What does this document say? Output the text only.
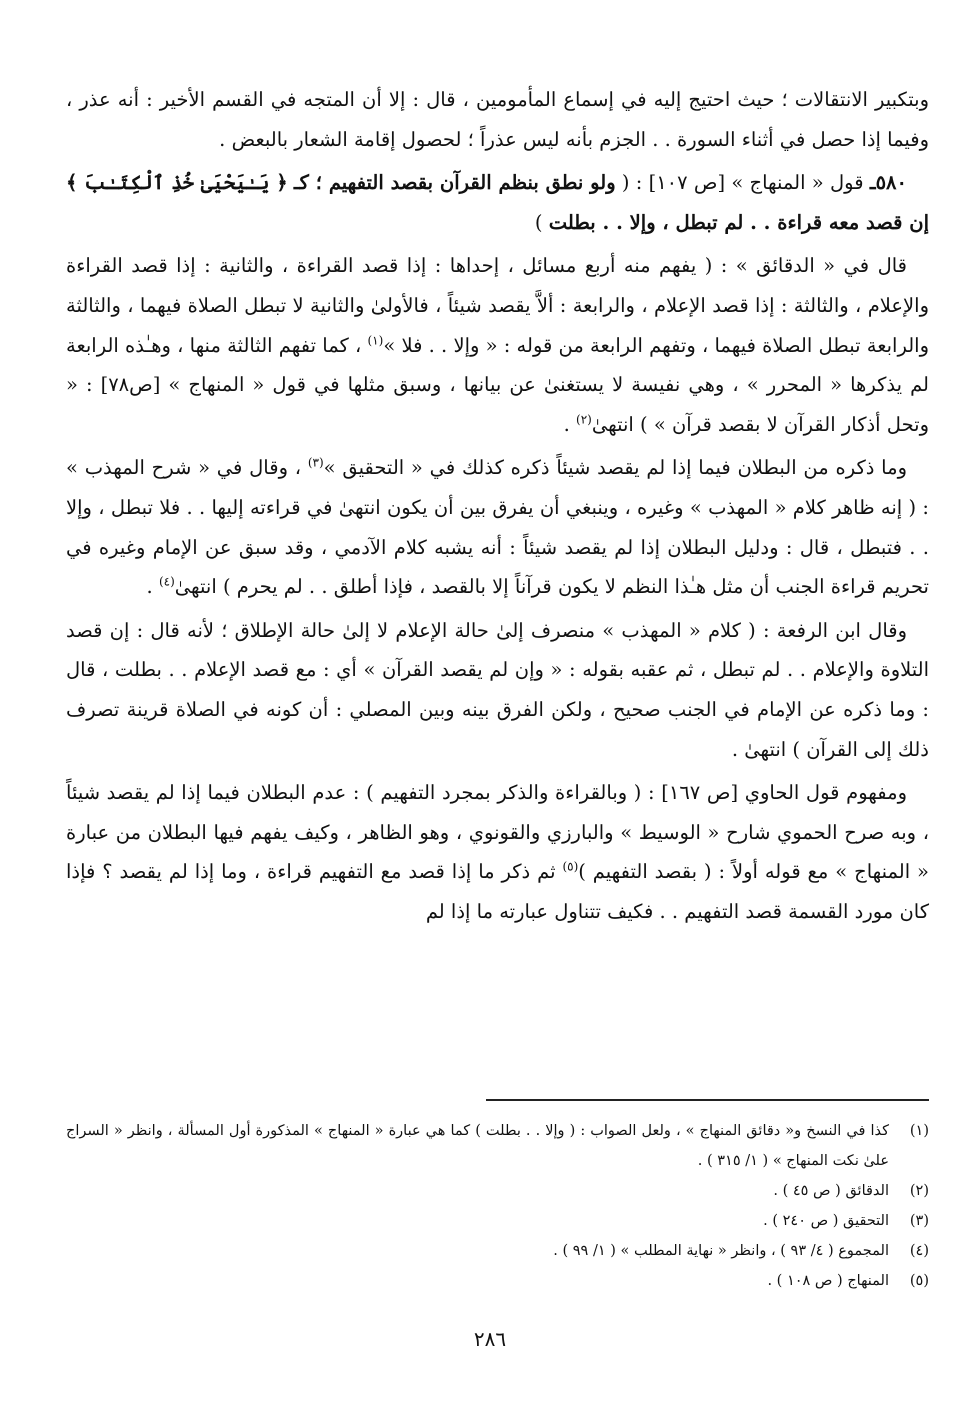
وبتكبير الانتقالات ؛ حيث احتيج إليه في إسماع المأمومين ، قال : إلا أن المتجه في القسم الأخير : أنه عذر ، وفيما إذا حصل في أثناء السورة . . الجزم بأنه ليس عذراً ؛ لحصول إقامة الشعار بالبعض .

٥٨٠ـ قول « المنهاج » [ص ١٠٧] : ( ولو نطق بنظم القرآن بقصد التفهيم ؛ كـ ﴿ يَـٰيَحْيَىٰ خُذِ ٱلْكِتَـٰبَ ﴾ إن قصد معه قراءة . . لم تبطل ، وإلا . . بطلت )

قال في « الدقائق » : ( يفهم منه أربع مسائل ، إحداها : إذا قصد القراءة ، والثانية : إذا قصد القراءة والإعلام ، والثالثة : إذا قصد الإعلام ، والرابعة : ألاَّ يقصد شيئاً ، فالأولىٰ والثانية لا تبطل الصلاة فيهما ، والثالثة والرابعة تبطل الصلاة فيهما ، وتفهم الرابعة من قوله : « وإلا . . فلا »$^{(١)}$ ، كما تفهم الثالثة منها ، وهـٰذه الرابعة لم يذكرها « المحرر » ، وهي نفيسة لا يستغنىٰ عن بيانها ، وسبق مثلها في قول « المنهاج » [ص٧٨] : « وتحل أذكار القرآن لا بقصد قرآن » ) انتهىٰ$^{(٢)}$ .

وما ذكره من البطلان فيما إذا لم يقصد شيئاً ذكره كذلك في « التحقيق »$^{(٣)}$ ، وقال في « شرح المهذب » : ( إنه ظاهر كلام « المهذب » وغيره ، وينبغي أن يفرق بين أن يكون انتهىٰ في قراءته إليها . . فلا تبطل ، وإلا . . فتبطل ، قال : ودليل البطلان إذا لم يقصد شيئاً : أنه يشبه كلام الآدمي ، وقد سبق عن الإمام وغيره في تحريم قراءة الجنب أن مثل هـٰذا النظم لا يكون قرآناً إلا بالقصد ، فإذا أطلق . . لم يحرم ) انتهىٰ$^{(٤)}$ .

وقال ابن الرفعة : ( كلام « المهذب » منصرف إلىٰ حالة الإعلام لا إلىٰ حالة الإطلاق ؛ لأنه قال : إن قصد التلاوة والإعلام . . لم تبطل ، ثم عقبه بقوله : « وإن لم يقصد القرآن » أي : مع قصد الإعلام . . بطلت ، قال : وما ذكره عن الإمام في الجنب صحيح ، ولكن الفرق بينه وبين المصلي : أن كونه في الصلاة قرينة تصرف ذلك إلى القرآن ) انتهىٰ .

ومفهوم قول الحاوي [ص ١٦٧] : ( وبالقراءة والذكر بمجرد التفهيم ) : عدم البطلان فيما إذا لم يقصد شيئاً ، وبه صرح الحموي شارح « الوسيط » والبارزي والقونوي ، وهو الظاهر ، وكيف يفهم فيها البطلان من عبارة « المنهاج » مع قوله أولاً : ( بقصد التفهيم )$^{(٥)}$ ثم ذكر ما إذا قصد مع التفهيم قراءة ، وما إذا لم يقصد ؟ فإذا كان مورد القسمة قصد التفهيم . . فكيف تتناول عبارته ما إذا لم

(١)
كذا في النسخ و« دقائق المنهاج » ، ولعل الصواب : ( وإلا . . بطلت ) كما هي عبارة « المنهاج » المذكورة أول المسألة ، وانظر « السراج علىٰ نكت المنهاج » ( ١/ ٣١٥ ) .
(٢)
الدقائق ( ص ٤٥ ) .
(٣)
التحقيق ( ص ٢٤٠ ) .
(٤)
المجموع ( ٤/ ٩٣ ) ، وانظر « نهاية المطلب » ( ١/ ٩٩ ) .
(٥)
المنهاج ( ص ١٠٨ ) .
٢٨٦
